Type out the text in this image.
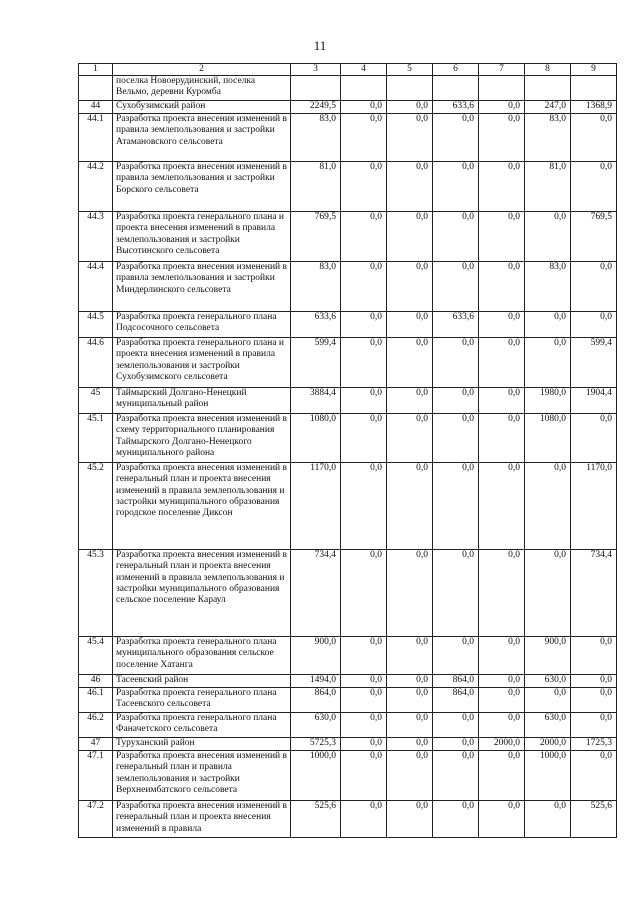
11
1	2	3	4	5	6	7	8	9
	поселка Новоерудинский, поселка Вельмо, деревни Куромба							
44	Сухобузимский район	2249,5	0,0	0,0	633,6	0,0	247,0	1368,9
44.1	Разработка проекта внесения изменений в правила землепользования и застройки Атамановского сельсовета	83,0	0,0	0,0	0,0	0,0	83,0	0,0
44.2	Разработка проекта внесения изменений в правила землепользования и застройки Борского сельсовета	81,0	0,0	0,0	0,0	0,0	81,0	0,0
44.3	Разработка проекта генерального плана и проекта внесения изменений в правила землепользования и застройки Высотинского сельсовета	769,5	0,0	0,0	0,0	0,0	0,0	769,5
44.4	Разработка проекта внесения изменений в правила землепользования и застройки Миндерлинского сельсовета	83,0	0,0	0,0	0,0	0,0	83,0	0,0
44.5	Разработка проекта генерального плана Подсосочного сельсовета	633,6	0,0	0,0	633,6	0,0	0,0	0,0
44.6	Разработка проекта генерального плана и проекта внесения изменений в правила землепользования и застройки Сухобузимского сельсовета	599,4	0,0	0,0	0,0	0,0	0,0	599,4
45	Таймырский Долгано-Ненецкий муниципальный район	3884,4	0,0	0,0	0,0	0,0	1980,0	1904,4
45.1	Разработка проекта внесения изменений в схему территориального планирования Таймырского Долгано-Ненецкого муниципального района	1080,0	0,0	0,0	0,0	0,0	1080,0	0,0
45.2	Разработка проекта внесения изменений в генеральный план и проекта внесения изменений в правила землепользования и застройки муниципального образования городское поселение Диксон	1170,0	0,0	0,0	0,0	0,0	0,0	1170,0
45.3	Разработка проекта внесения изменений в генеральный план и проекта внесения изменений в правила землепользования и застройки муниципального образования сельское поселение Караул	734,4	0,0	0,0	0,0	0,0	0,0	734,4
45.4	Разработка проекта генерального плана муниципального образования сельское поселение Хатанга	900,0	0,0	0,0	0,0	0,0	900,0	0,0
46	Тасеевский район	1494,0	0,0	0,0	864,0	0,0	630,0	0,0
46.1	Разработка проекта генерального плана Тасеевского сельсовета	864,0	0,0	0,0	864,0	0,0	0,0	0,0
46.2	Разработка проекта генерального плана Фаначетского сельсовета	630,0	0,0	0,0	0,0	0,0	630,0	0,0
47	Туруханский район	5725,3	0,0	0,0	0,0	2000,0	2000,0	1725,3
47.1	Разработка проекта внесения изменений в генеральный план и правила землепользования и застройки Верхнеимбатского сельсовета	1000,0	0,0	0,0	0,0	0,0	1000,0	0,0
47.2	Разработка проекта внесения изменений в генеральный план и проекта внесения изменений в правила	525,6	0,0	0,0	0,0	0,0	0,0	525,6
